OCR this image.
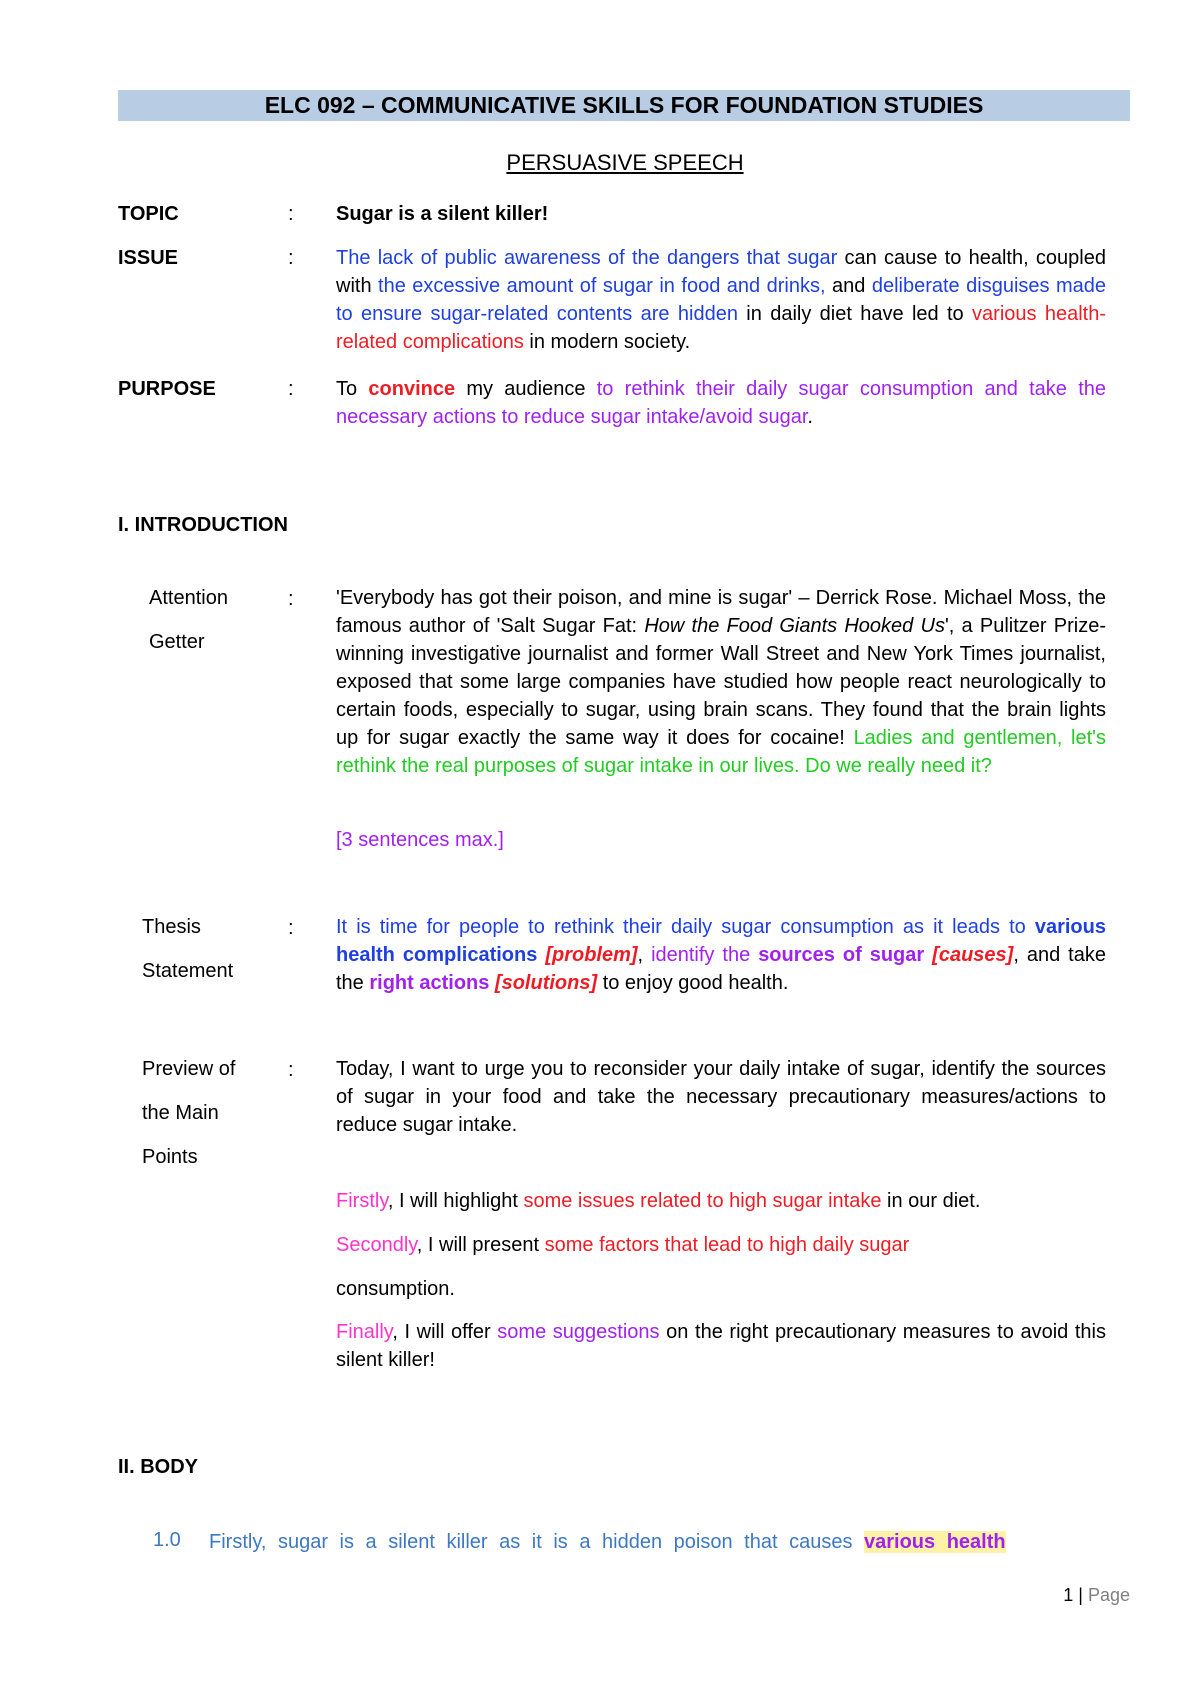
ELC 092 – COMMUNICATIVE SKILLS FOR FOUNDATION STUDIES
PERSUASIVE SPEECH
TOPIC	: Sugar is a silent killer!
ISSUE	: The lack of public awareness of the dangers that sugar can cause to health, coupled with the excessive amount of sugar in food and drinks, and deliberate disguises made to ensure sugar-related contents are hidden in daily diet have led to various health-related complications in modern society.
PURPOSE	: To convince my audience to rethink their daily sugar consumption and take the necessary actions to reduce sugar intake/avoid sugar.
I. INTRODUCTION
Attention
Getter
: 'Everybody has got their poison, and mine is sugar' – Derrick Rose. Michael Moss, the famous author of 'Salt Sugar Fat: How the Food Giants Hooked Us', a Pulitzer Prize-winning investigative journalist and former Wall Street and New York Times journalist, exposed that some large companies have studied how people react neurologically to certain foods, especially to sugar, using brain scans. They found that the brain lights up for sugar exactly the same way it does for cocaine! Ladies and gentlemen, let's rethink the real purposes of sugar intake in our lives. Do we really need it?
[3 sentences max.]
Thesis
Statement
: It is time for people to rethink their daily sugar consumption as it leads to various health complications [problem], identify the sources of sugar [causes], and take the right actions [solutions] to enjoy good health.
Preview of
the Main
Points
: Today, I want to urge you to reconsider your daily intake of sugar, identify the sources of sugar in your food and take the necessary precautionary measures/actions to reduce sugar intake.
Firstly, I will highlight some issues related to high sugar intake in our diet.
Secondly, I will present some factors that lead to high daily sugar
consumption.
Finally, I will offer some suggestions on the right precautionary measures to avoid this silent killer!
II. BODY
1.0 Firstly, sugar is a silent killer as it is a hidden poison that causes various health
1 | Page
